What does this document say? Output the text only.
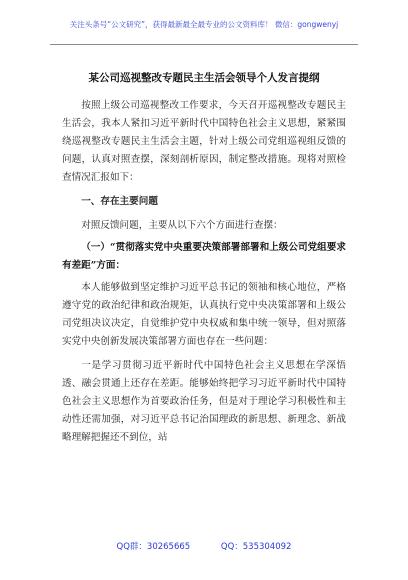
关注头条号“公文研究”，获得最新最全最专业的公文资料库！ 微信：gongwenyj
某公司巡视整改专题民主生活会领导个人发言提纲

按照上级公司巡视整改工作要求，今天召开巡视整改专题民主生活会，我本人紧扣习近平新时代中国特色社会主义思想，紧紧围绕巡视整改专题民主生活会主题，针对上级公司党组巡视组反馈的问题，认真对照查摆，深刻剖析原因，制定整改措施。现将对照检查情况汇报如下：

一、存在主要问题

对照反馈问题，主要从以下六个方面进行查摆：

（一）“贯彻落实党中央重要决策部署部署和上级公司党组要求有差距”方面：

本人能够做到坚定维护习近平总书记的领袖和核心地位，严格遵守党的政治纪律和政治规矩，认真执行党中央决策部署和上级公司党组决议决定，自觉维护党中央权威和集中统一领导，但对照落实党中央创新发展决策部署方面也存在一些问题：

一是学习贯彻习近平新时代中国特色社会主义思想在学深悟透、融会贯通上还存在差距。能够始终把学习习近平新时代中国特色社会主义思想作为首要政治任务，但是对于理论学习积极性和主动性还需加强，对习近平总书记治国理政的新思想、新理念、新战略理解把握还不到位，站

QQ群：30265665	QQ：535304092
